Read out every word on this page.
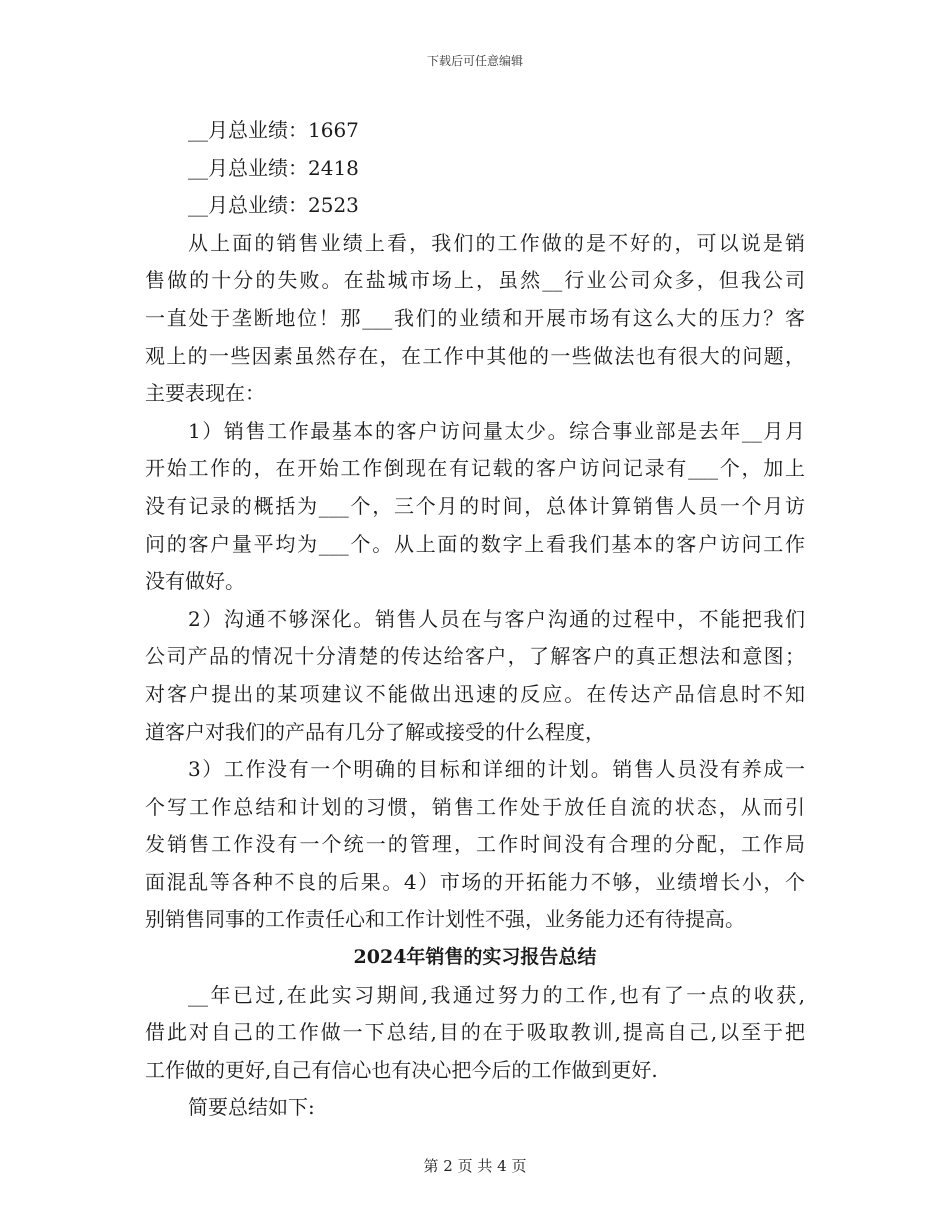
下载后可任意编辑
__月总业绩：1667
__月总业绩：2418
__月总业绩：2523
从上面的销售业绩上看，我们的工作做的是不好的，可以说是销
售做的十分的失败。在盐城市场上，虽然__行业公司众多，但我公司
一直处于垄断地位！那___我们的业绩和开展市场有这么大的压力？客
观上的一些因素虽然存在，在工作中其他的一些做法也有很大的问题，
主要表现在：
1）销售工作最基本的客户访问量太少。综合事业部是去年__月月
开始工作的，在开始工作倒现在有记载的客户访问记录有___个，加上
没有记录的概括为___个，三个月的时间，总体计算销售人员一个月访
问的客户量平均为___个。从上面的数字上看我们基本的客户访问工作
没有做好。
2）沟通不够深化。销售人员在与客户沟通的过程中，不能把我们
公司产品的情况十分清楚的传达给客户，了解客户的真正想法和意图；
对客户提出的某项建议不能做出迅速的反应。在传达产品信息时不知
道客户对我们的产品有几分了解或接受的什么程度，
3）工作没有一个明确的目标和详细的计划。销售人员没有养成一
个写工作总结和计划的习惯，销售工作处于放任自流的状态，从而引
发销售工作没有一个统一的管理，工作时间没有合理的分配，工作局
面混乱等各种不良的后果。4）市场的开拓能力不够，业绩增长小，个
别销售同事的工作责任心和工作计划性不强，业务能力还有待提高。
2024年销售的实习报告总结
__年已过,在此实习期间,我通过努力的工作,也有了一点的收获,
借此对自己的工作做一下总结,目的在于吸取教训,提高自己,以至于把
工作做的更好,自己有信心也有决心把今后的工作做到更好.
简要总结如下:
第 2 页 共 4 页
